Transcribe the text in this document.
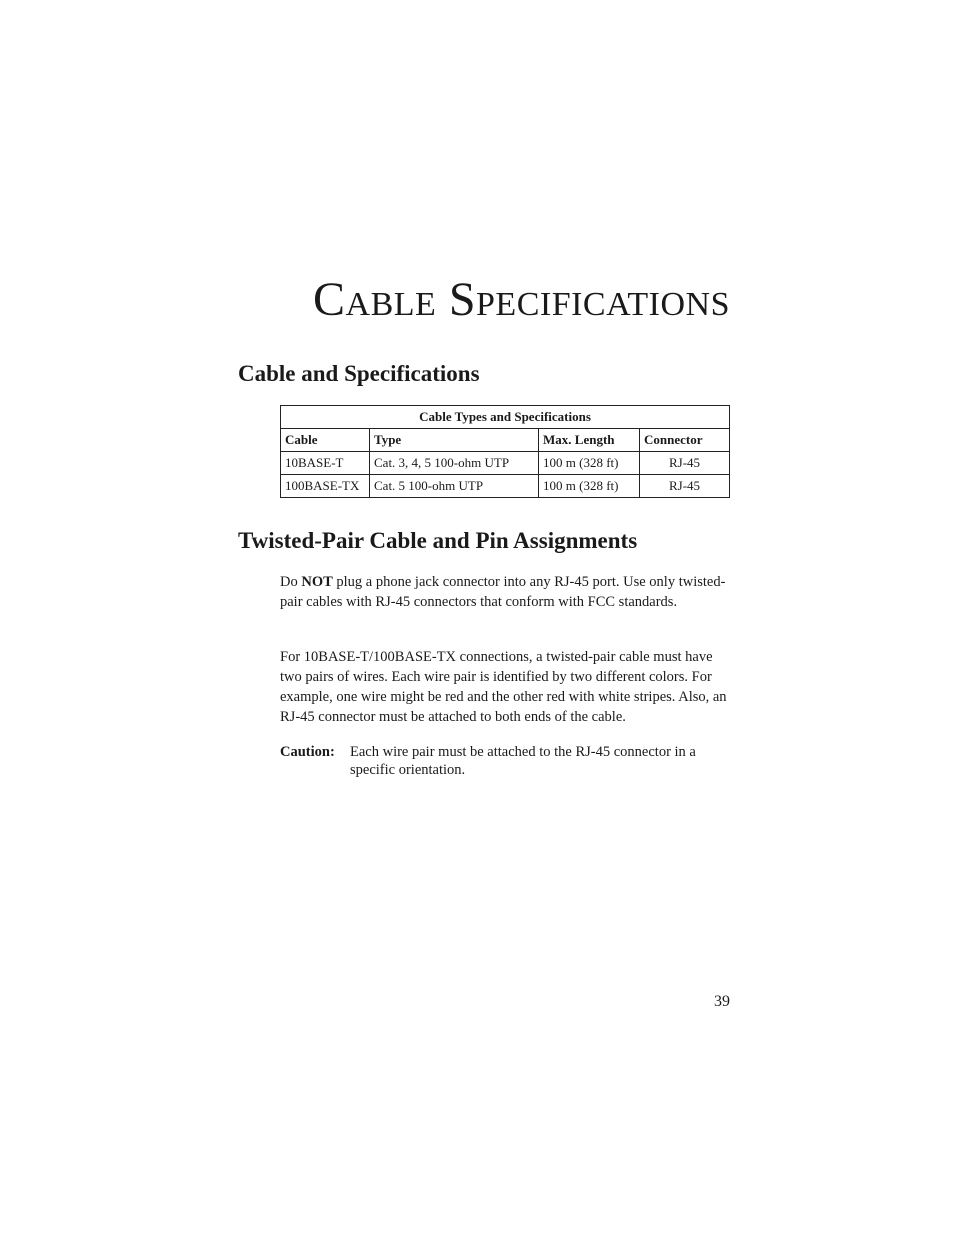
Cable Specifications
Cable and Specifications
Cable Types and Specifications			
Cable	Type	Max. Length	Connector
10BASE-T	Cat. 3, 4, 5 100-ohm UTP	100 m (328 ft)	RJ-45
100BASE-TX	Cat. 5 100-ohm UTP	100 m (328 ft)	RJ-45
Twisted-Pair Cable and Pin Assignments

Do NOT plug a phone jack connector into any RJ-45 port. Use only twisted-pair cables with RJ-45 connectors that conform with FCC standards.

For 10BASE-T/100BASE-TX connections, a twisted-pair cable must have two pairs of wires. Each wire pair is identified by two different colors. For example, one wire might be red and the other red with white stripes. Also, an RJ-45 connector must be attached to both ends of the cable.

Caution: Each wire pair must be attached to the RJ-45 connector in a specific orientation.
39
